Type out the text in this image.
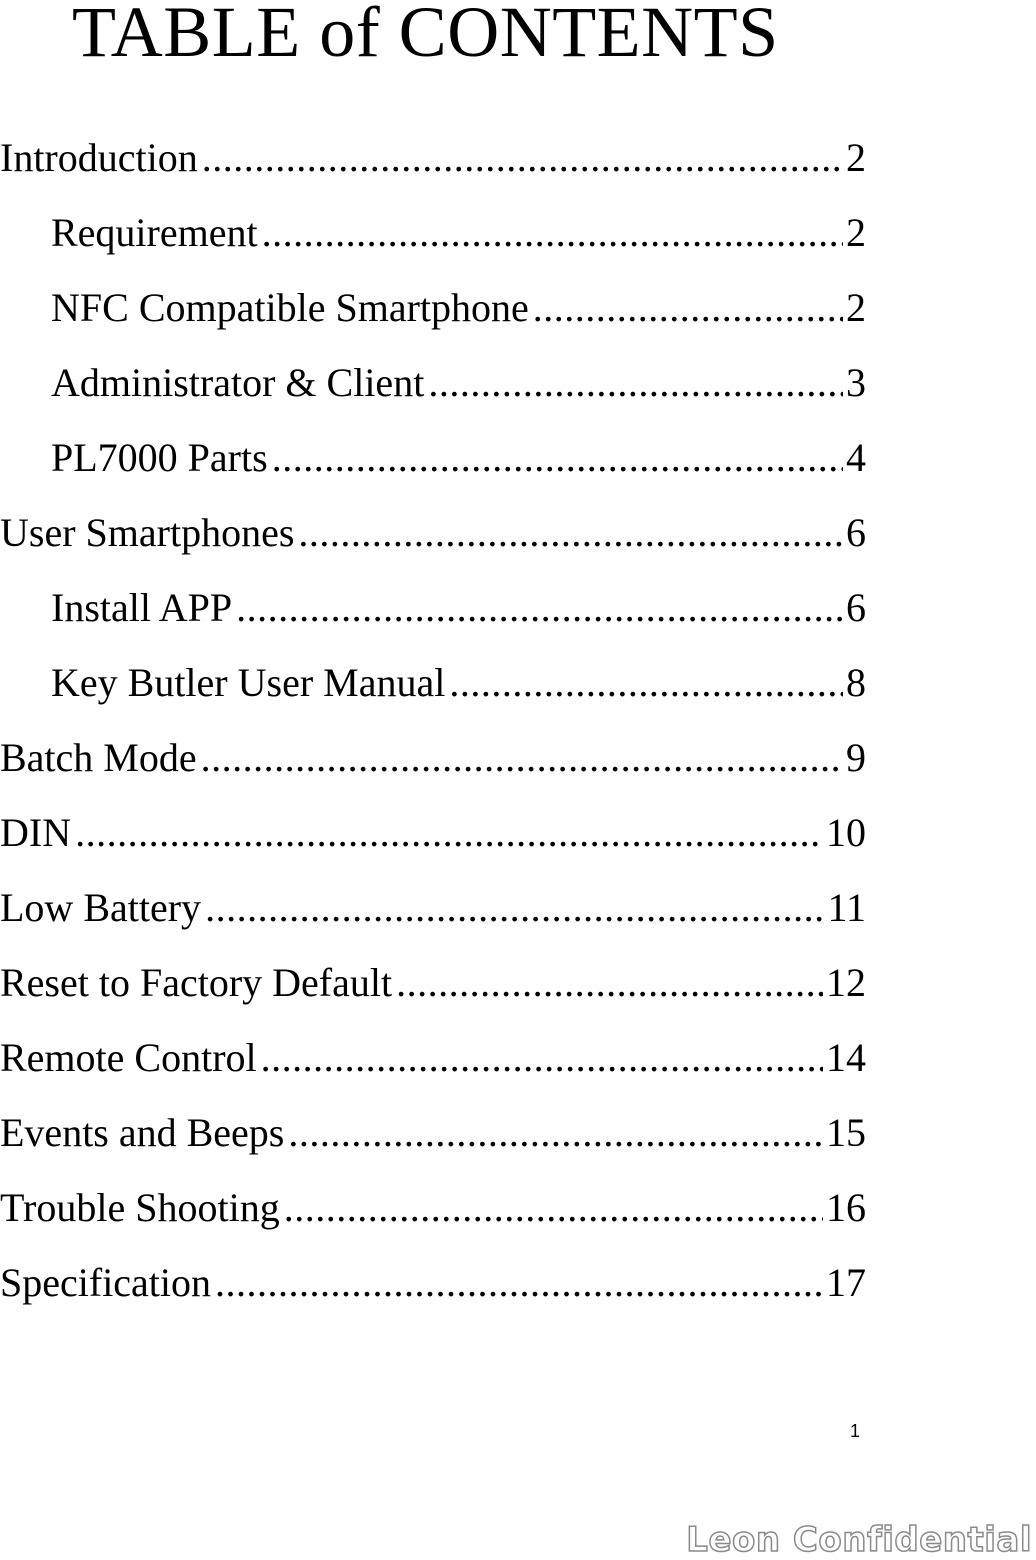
TABLE of CONTENTS
Introduction .....	2
Requirement .....	2
NFC Compatible Smartphone .....	2
Administrator & Client .....	3
PL7000 Parts .....	4
User Smartphones .....	6
Install APP .....	6
Key Butler User Manual .....	8
Batch Mode .....	9
DIN .....	10
Low Battery .....	11
Reset to Factory Default .....	12
Remote Control .....	14
Events and Beeps .....	15
Trouble Shooting .....	16
Specification .....	17
1
Leon Confidential
